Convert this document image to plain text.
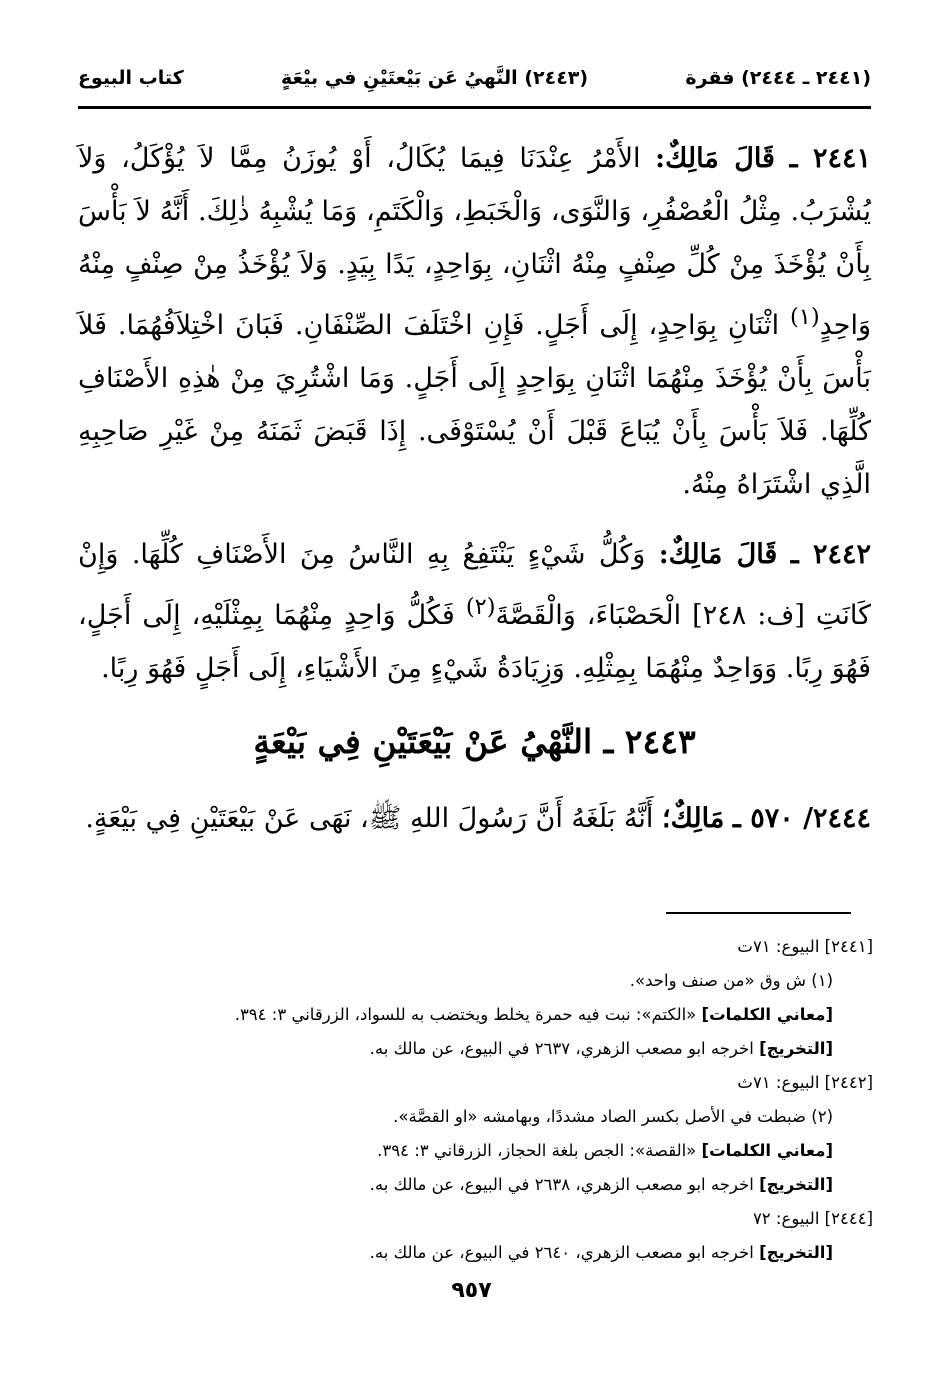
كتاب البيوع	(٢٤٤٣) النَّهيُ عَن بَيْعتَيْنِ في بيْعَةٍ	(٢٤٤١ ـ ٢٤٤٤) فقرة

٢٤٤١ ـ قَالَ مَالِكٌ: الأَمْرُ عِنْدَنَا فِيمَا يُكَالُ، أَوْ يُوزَنُ مِمَّا لاَ يُؤْكَلُ، وَلاَ يُشْرَبُ. مِثْلُ الْعُصْفُرِ، وَالنَّوَى، وَالْخَبَطِ، وَالْكَتَمِ، وَمَا يُشْبِهُ ذٰلِكَ. أَنَّهُ لاَ بَأْسَ بِأَنْ يُؤْخَذَ مِنْ كُلِّ صِنْفٍ مِنْهُ اثْنَانِ، بِوَاحِدٍ، يَدًا بِيَدٍ. وَلاَ يُؤْخَذُ مِنْ صِنْفٍ مِنْهُ وَاحِدٍ$^{(١)}$ اثْنَانِ بِوَاحِدٍ، إِلَى أَجَلٍ. فَإِنِ اخْتَلَفَ الصِّنْفَانِ. فَبَانَ اخْتِلاَفُهُمَا. فَلاَ بَأْسَ بِأَنْ يُؤْخَذَ مِنْهُمَا اثْنَانِ بِوَاحِدٍ إِلَى أَجَلٍ. وَمَا اشْتُرِيَ مِنْ هٰذِهِ الأَصْنَافِ كُلِّهَا. فَلاَ بَأْسَ بِأَنْ يُبَاعَ قَبْلَ أَنْ يُسْتَوْفَى. إِذَا قَبَضَ ثَمَنَهُ مِنْ غَيْرِ صَاحِبِهِ الَّذِي اشْتَرَاهُ مِنْهُ.

٢٤٤٢ ـ قَالَ مَالِكٌ: وَكُلُّ شَيْءٍ يَنْتَفِعُ بِهِ النَّاسُ مِنَ الأَصْنَافِ كُلِّهَا. وَإِنْ كَانَتِ [ف: ٢٤٨] الْحَصْبَاءَ، وَالْقَصَّةَ$^{(٢)}$ فَكُلُّ وَاحِدٍ مِنْهُمَا بِمِثْلَيْهِ، إِلَى أَجَلٍ، فَهُوَ رِبًا. وَوَاحِدٌ مِنْهُمَا بِمِثْلِهِ. وَزِيَادَةُ شَيْءٍ مِنَ الأَشْيَاءِ، إِلَى أَجَلٍ فَهُوَ رِبًا.

٢٤٤٣ ـ النَّهْيُ عَنْ بَيْعَتَيْنِ فِي بَيْعَةٍ

٢٤٤٤/ ٥٧٠ ـ مَالِكٌ؛ أَنَّهُ بَلَغَهُ أَنَّ رَسُولَ اللهِ ﷺ، نَهَى عَنْ بَيْعَتَيْنِ فِي بَيْعَةٍ.

[٢٤٤١] البيوع: ٧١ت
(١) ش وق «من صنف واحد».
[معاني الكلمات] «الكتم»: نبت فيه حمرة يخلط ويختضب به للسواد، الزرقاني ٣: ٣٩٤.
[التخريج] اخرجه ابو مصعب الزهري، ٢٦٣٧ في البيوع، عن مالك به.
[٢٤٤٢] البيوع: ٧١ث
(٢) ضبطت في الأصل بكسر الصاد مشددًا، وبهامشه «او القصَّة».
[معاني الكلمات] «القصة»: الجص بلغة الحجاز، الزرقاني ٣: ٣٩٤.
[التخريج] اخرجه ابو مصعب الزهري، ٢٦٣٨ في البيوع، عن مالك به.
[٢٤٤٤] البيوع: ٧٢
[التخريج] اخرجه ابو مصعب الزهري، ٢٦٤٠ في البيوع، عن مالك به.
٩٥٧
